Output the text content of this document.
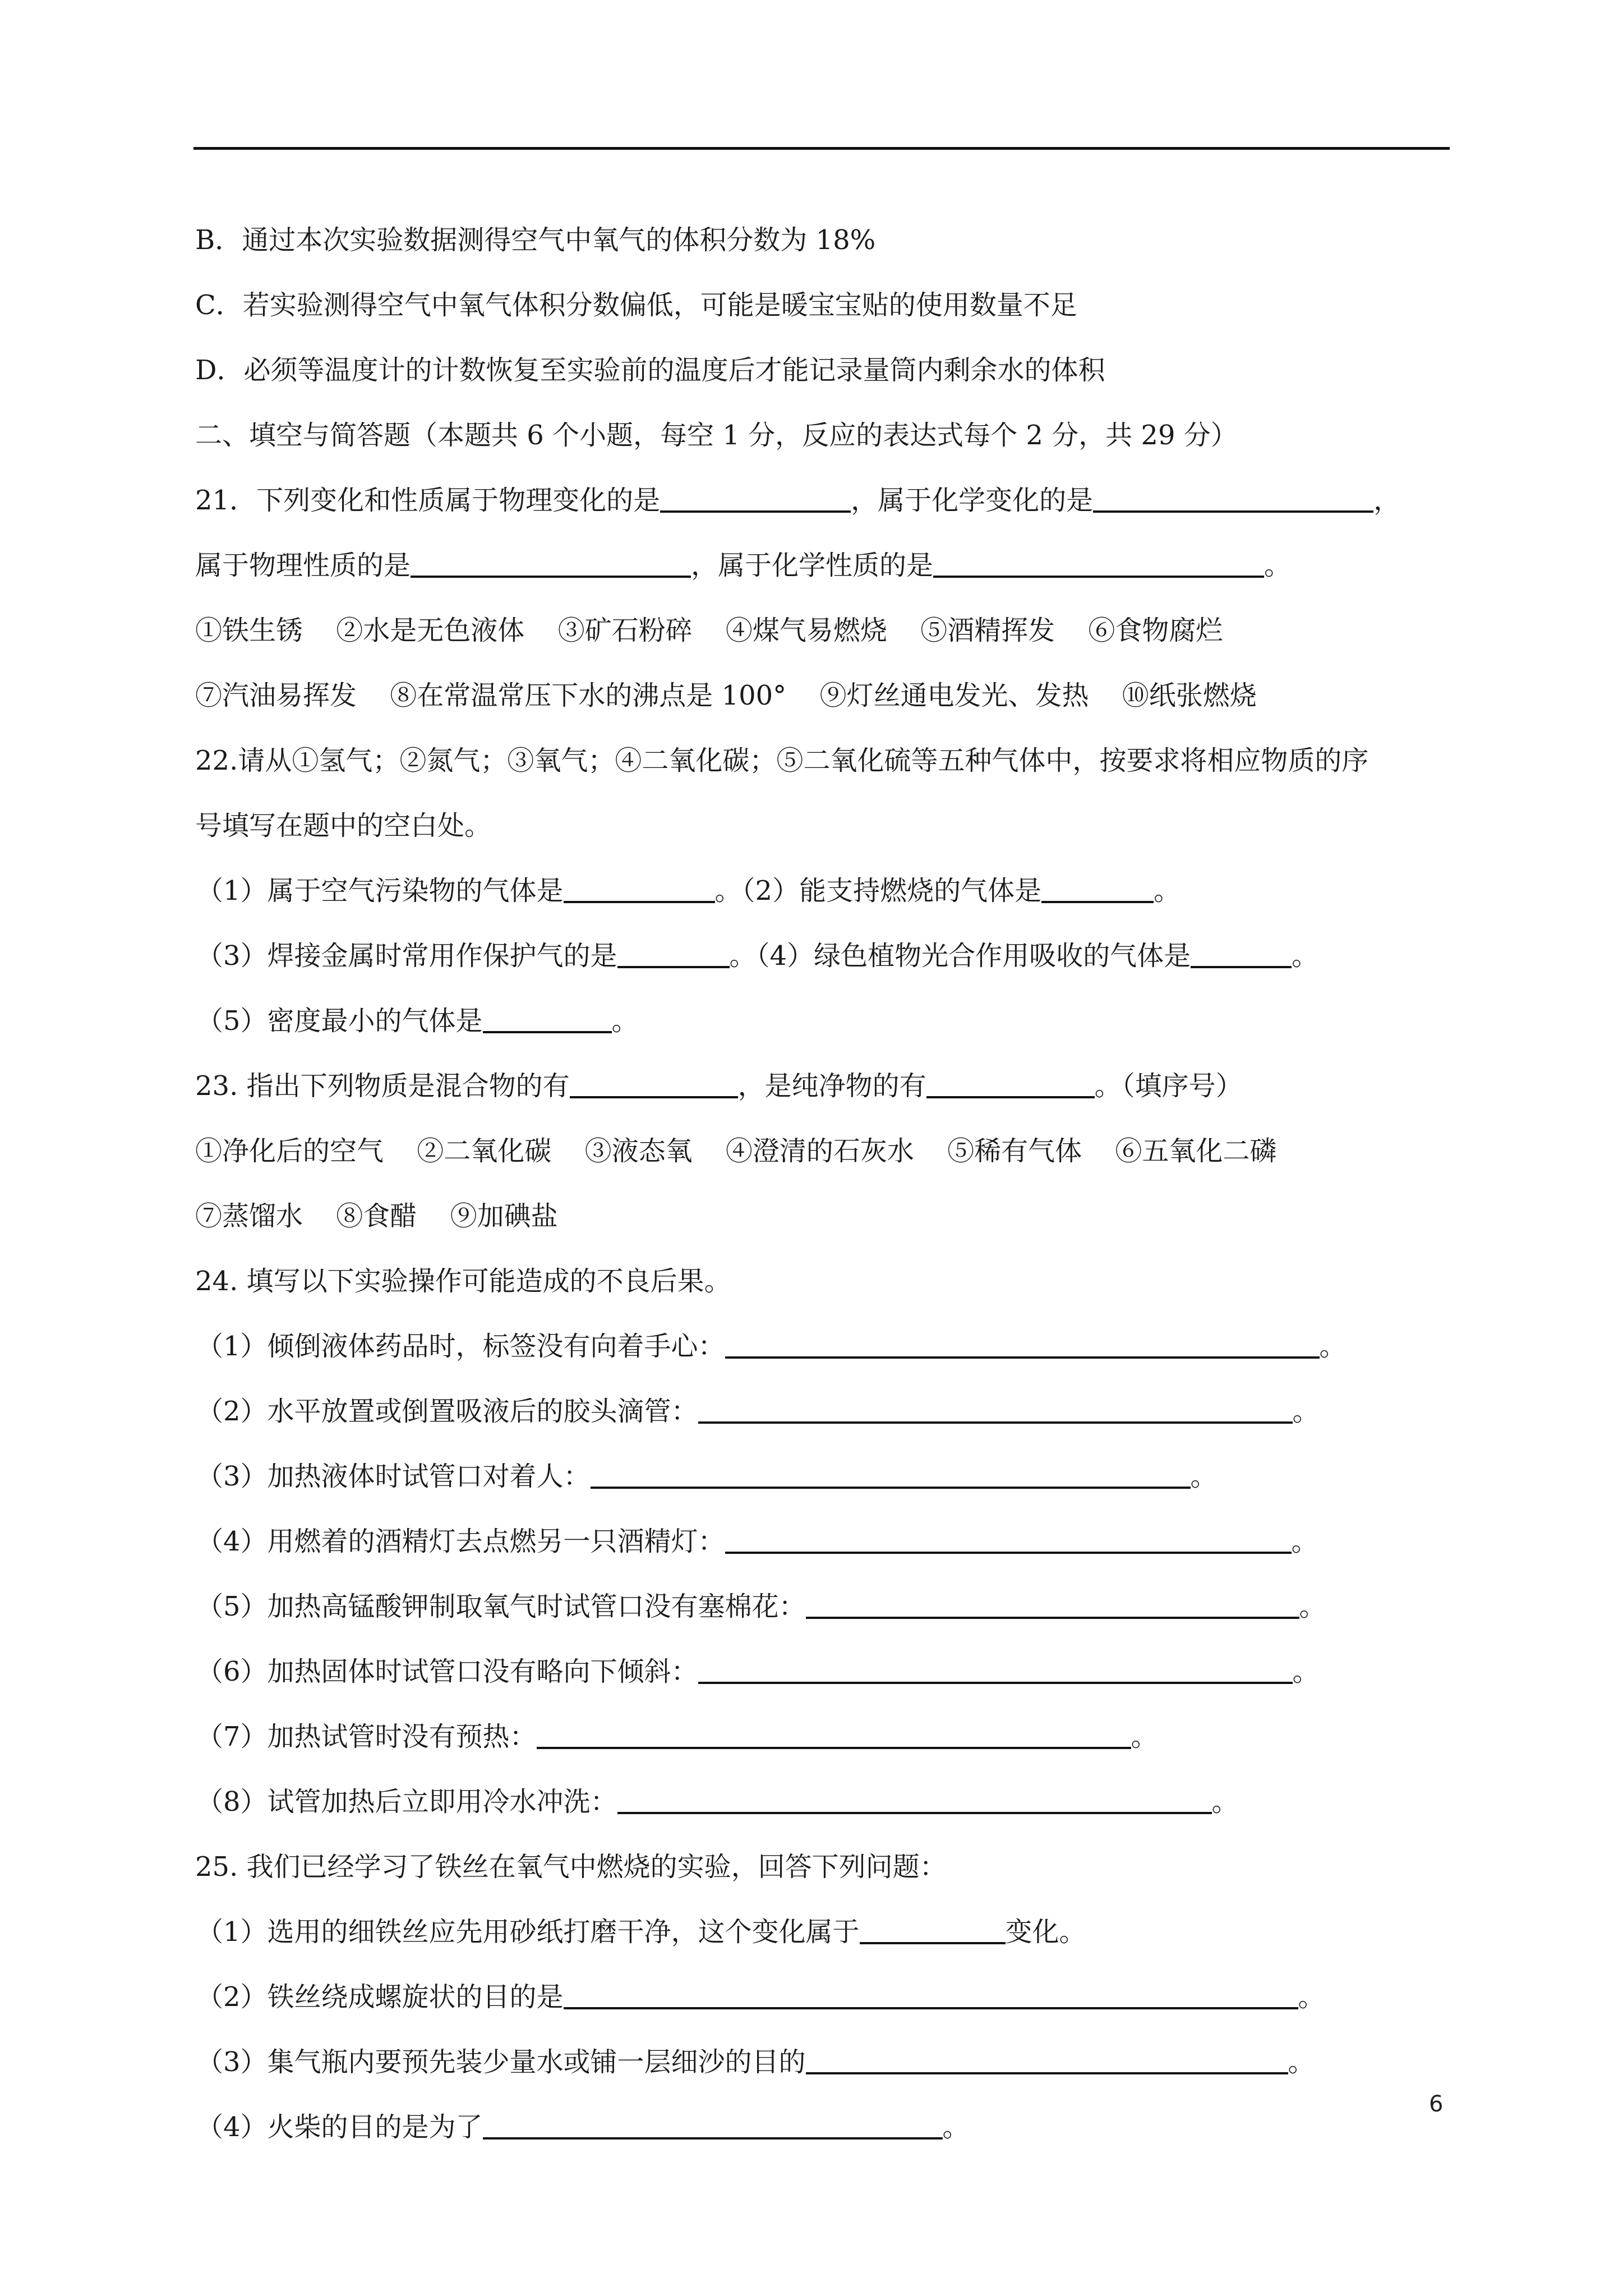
B．通过本次实验数据测得空气中氧气的体积分数为 18%
C．若实验测得空气中氧气体积分数偏低，可能是暖宝宝贴的使用数量不足
D．必须等温度计的计数恢复至实验前的温度后才能记录量筒内剩余水的体积
二、填空与简答题（本题共 6 个小题，每空 1 分，反应的表达式每个 2 分，共 29 分）
21．下列变化和性质属于物理变化的是	，属于化学变化的是	，
属于物理性质的是	，属于化学性质的是	。
①铁生锈 ②水是无色液体 ③矿石粉碎 ④煤气易燃烧 ⑤酒精挥发 ⑥食物腐烂
⑦汽油易挥发 ⑧在常温常压下水的沸点是 100° ⑨灯丝通电发光、发热 ⑩纸张燃烧
22.请从①氢气；②氮气；③氧气；④二氧化碳；⑤二氧化硫等五种气体中，按要求将相应物质的序
号填写在题中的空白处。
（1）属于空气污染物的气体是	。（2）能支持燃烧的气体是	。
（3）焊接金属时常用作保护气的是	。（4）绿色植物光合作用吸收的气体是	。
（5）密度最小的气体是	。
23. 指出下列物质是混合物的有	，是纯净物的有	。（填序号）
①净化后的空气 ②二氧化碳 ③液态氧 ④澄清的石灰水 ⑤稀有气体 ⑥五氧化二磷
⑦蒸馏水 ⑧食醋 ⑨加碘盐
24. 填写以下实验操作可能造成的不良后果。
（1）倾倒液体药品时，标签没有向着手心：	。
（2）水平放置或倒置吸液后的胶头滴管：	。
（3）加热液体时试管口对着人：	。
（4）用燃着的酒精灯去点燃另一只酒精灯：	。
（5）加热高锰酸钾制取氧气时试管口没有塞棉花：	。
（6）加热固体时试管口没有略向下倾斜：	。
（7）加热试管时没有预热：	。
（8）试管加热后立即用冷水冲洗：	。
25. 我们已经学习了铁丝在氧气中燃烧的实验，回答下列问题：
（1）选用的细铁丝应先用砂纸打磨干净，这个变化属于	变化。
（2）铁丝绕成螺旋状的目的是	。
（3）集气瓶内要预先装少量水或铺一层细沙的目的	。
（4）火柴的目的是为了	。
6
